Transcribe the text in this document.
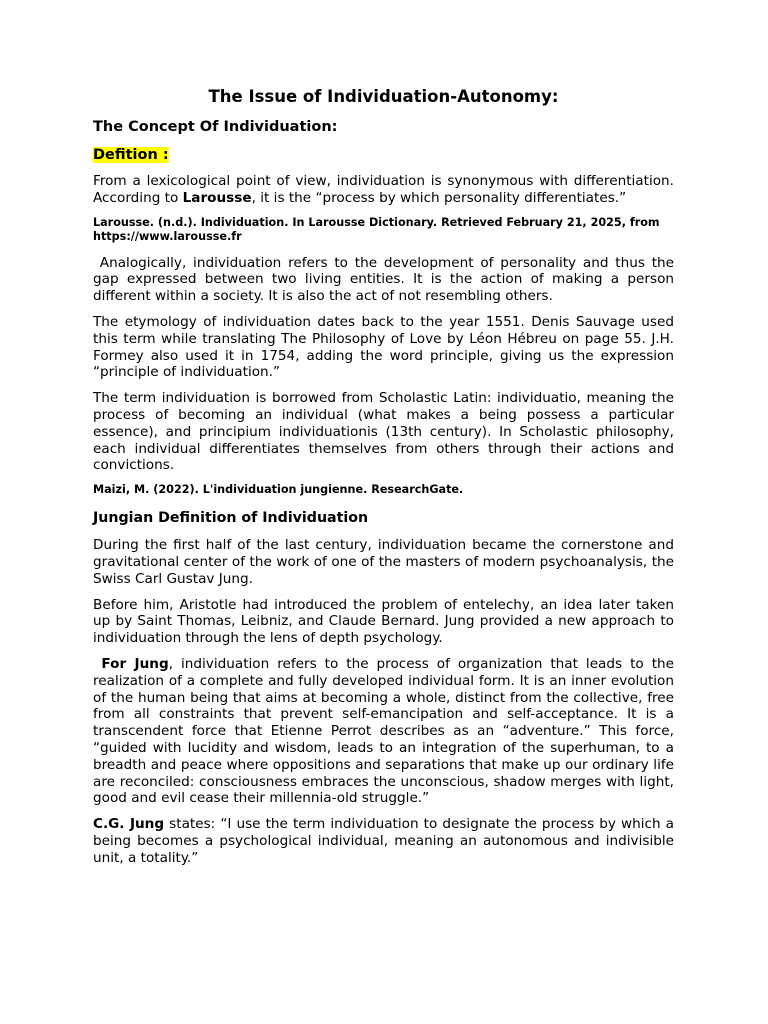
The Issue of Individuation-Autonomy:
The Concept Of Individuation:
Defition :

From a lexicological point of view, individuation is synonymous with differentiation. According to Larousse, it is the “process by which personality differentiates.”

Larousse. (n.d.). Individuation. In Larousse Dictionary. Retrieved February 21, 2025, from https://www.larousse.fr

Analogically, individuation refers to the development of personality and thus the gap expressed between two living entities. It is the action of making a person different within a society. It is also the act of not resembling others.

The etymology of individuation dates back to the year 1551. Denis Sauvage used this term while translating The Philosophy of Love by Léon Hébreu on page 55. J.H. Formey also used it in 1754, adding the word principle, giving us the expression “principle of individuation.”

The term individuation is borrowed from Scholastic Latin: individuatio, meaning the process of becoming an individual (what makes a being possess a particular essence), and principium individuationis (13th century). In Scholastic philosophy, each individual differentiates themselves from others through their actions and convictions.

Maizi, M. (2022). L'individuation jungienne. ResearchGate.

Jungian Definition of Individuation

During the first half of the last century, individuation became the cornerstone and gravitational center of the work of one of the masters of modern psychoanalysis, the Swiss Carl Gustav Jung.

Before him, Aristotle had introduced the problem of entelechy, an idea later taken up by Saint Thomas, Leibniz, and Claude Bernard. Jung provided a new approach to individuation through the lens of depth psychology.

For Jung, individuation refers to the process of organization that leads to the realization of a complete and fully developed individual form. It is an inner evolution of the human being that aims at becoming a whole, distinct from the collective, free from all constraints that prevent self-emancipation and self-acceptance. It is a transcendent force that Etienne Perrot describes as an “adventure.” This force, “guided with lucidity and wisdom, leads to an integration of the superhuman, to a breadth and peace where oppositions and separations that make up our ordinary life are reconciled: consciousness embraces the unconscious, shadow merges with light, good and evil cease their millennia-old struggle.”

C.G. Jung states: “I use the term individuation to designate the process by which a being becomes a psychological individual, meaning an autonomous and indivisible unit, a totality.”
